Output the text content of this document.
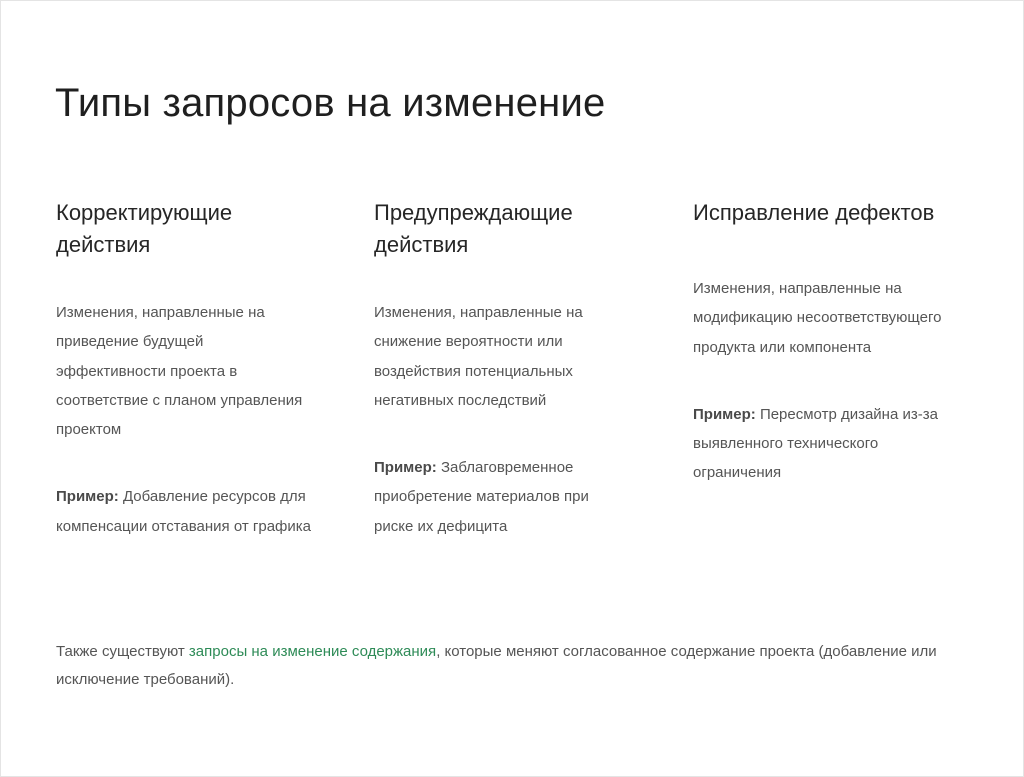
Типы запросов на изменение
Корректирующие действия

Изменения, направленные на приведение будущей эффективности проекта в соответствие с планом управления проектом

Пример: Добавление ресурсов для компенсации отставания от графика

Предупреждающие действия

Изменения, направленные на снижение вероятности или воздействия потенциальных негативных последствий

Пример: Заблаговременное приобретение материалов при риске их дефицита

Исправление дефектов

Изменения, направленные на модификацию несоответствующего продукта или компонента

Пример: Пересмотр дизайна из-за выявленного технического ограничения

Также существуют запросы на изменение содержания, которые меняют согласованное содержание проекта (добавление или исключение требований).
